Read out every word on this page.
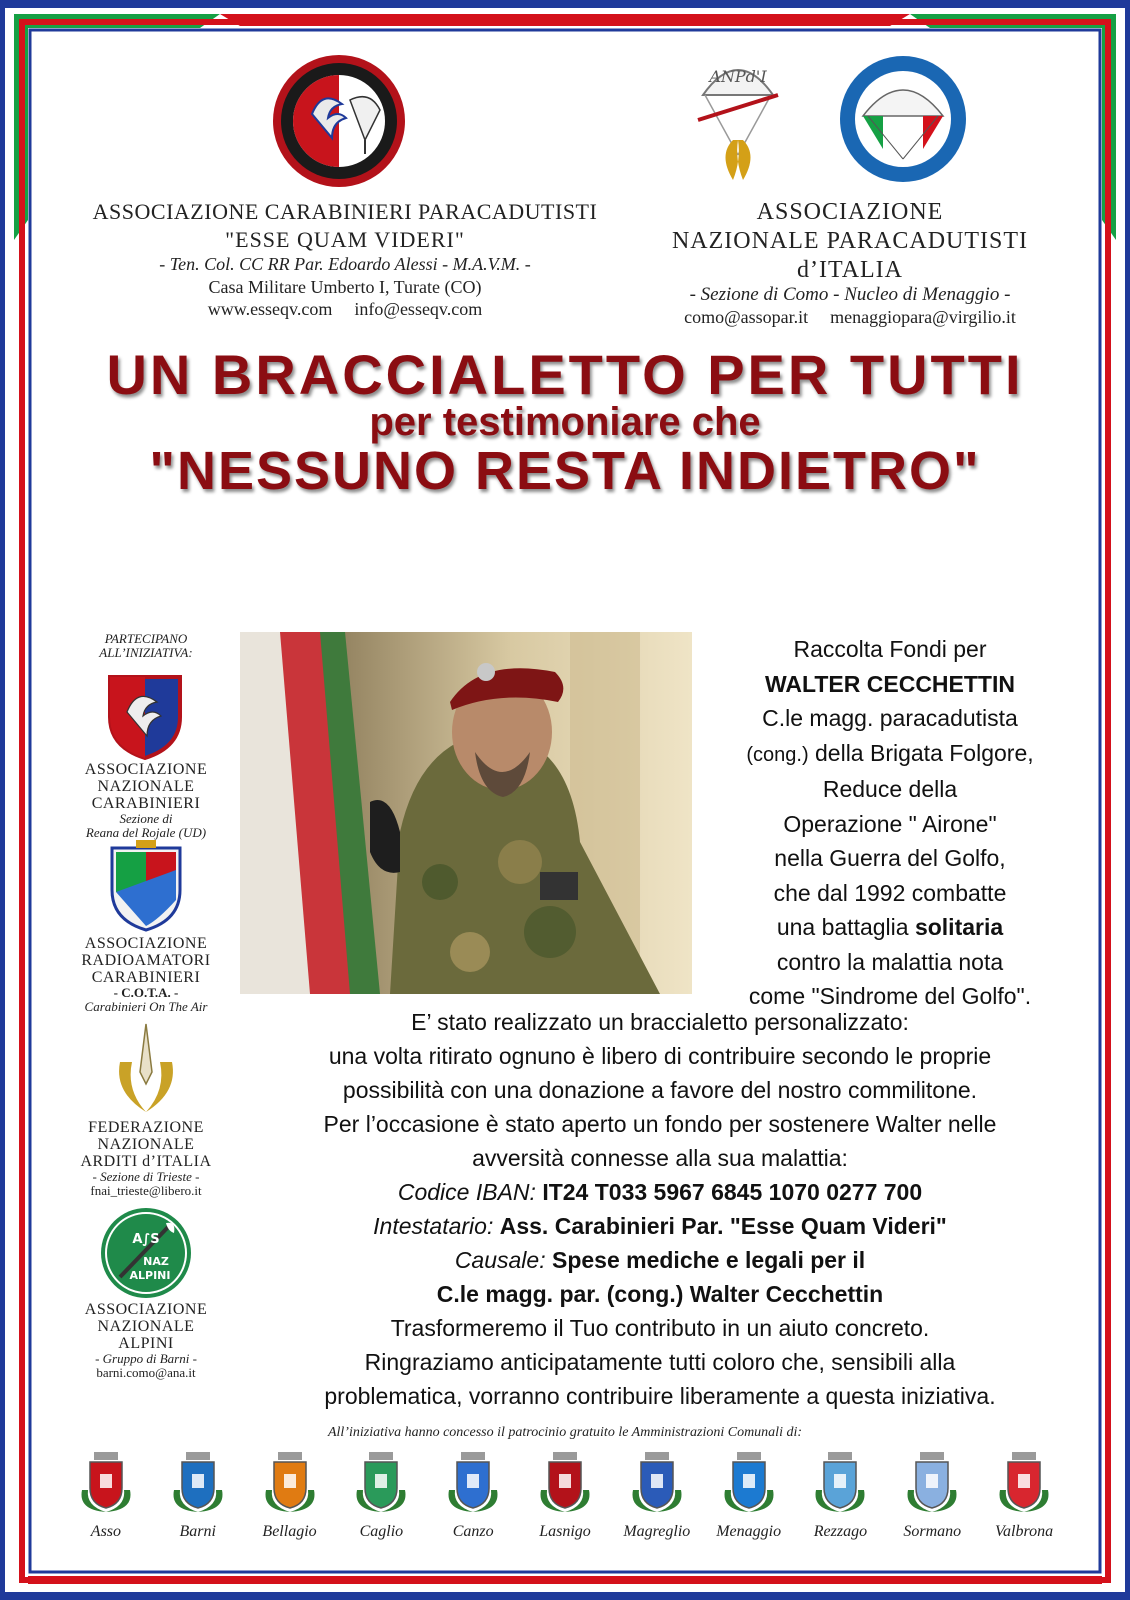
ANPd'I
ASSOCIAZIONE CARABINIERI PARACADUTISTI
"ESSE QUAM VIDERI"
- Ten. Col. CC RR Par. Edoardo Alessi - M.A.V.M. -
Casa Militare Umberto I, Turate (CO)
www.esseqv.com info@esseqv.com
ASSOCIAZIONE
NAZIONALE PARACADUTISTI
d’ITALIA
- Sezione di Como - Nucleo di Menaggio -
como@assopar.it menaggiopara@virgilio.it
UN BRACCIALETTO PER TUTTI
per testimoniare che
"NESSUNO RESTA INDIETRO"
PARTECIPANO
ALL’INIZIATIVA:
ASSOCIAZIONE
NAZIONALE
CARABINIERI
Sezione di
Reana del Rojale (UD)
ASSOCIAZIONE
RADIOAMATORI
CARABINIERI
- C.O.T.A. -
Carabinieri On The Air
FEDERAZIONE
NAZIONALE
ARDITI d’ITALIA
- Sezione di Trieste -
fnai_trieste@libero.it
A∫S
NAZ
ALPINI
ASSOCIAZIONE
NAZIONALE
ALPINI
- Gruppo di Barni -
barni.como@ana.it
Raccolta Fondi per
WALTER CECCHETTIN
C.le magg. paracadutista
(cong.) della Brigata Folgore,
Reduce della
Operazione " Airone"
nella Guerra del Golfo,
che dal 1992 combatte
una battaglia solitaria
contro la malattia nota
come "Sindrome del Golfo".
E’ stato realizzato un braccialetto personalizzato:
una volta ritirato ognuno è libero di contribuire secondo le proprie
possibilità con una donazione a favore del nostro commilitone.
Per l’occasione è stato aperto un fondo per sostenere Walter nelle
avversità connesse alla sua malattia:
Codice IBAN: IT24 T033 5967 6845 1070 0277 700
Intestatario: Ass. Carabinieri Par. "Esse Quam Videri"
Causale: Spese mediche e legali per il
C.le magg. par. (cong.) Walter Cecchettin
Trasformeremo il Tuo contributo in un aiuto concreto.
Ringraziamo anticipatamente tutti coloro che, sensibili alla
problematica, vorranno contribuire liberamente a questa iniziativa.
All’iniziativa hanno concesso il patrocinio gratuito le Amministrazioni Comunali di:
Asso	Barni	Bellagio	Caglio	Canzo	Lasnigo	Magreglio	Menaggio	Rezzago	Sormano	Valbrona
